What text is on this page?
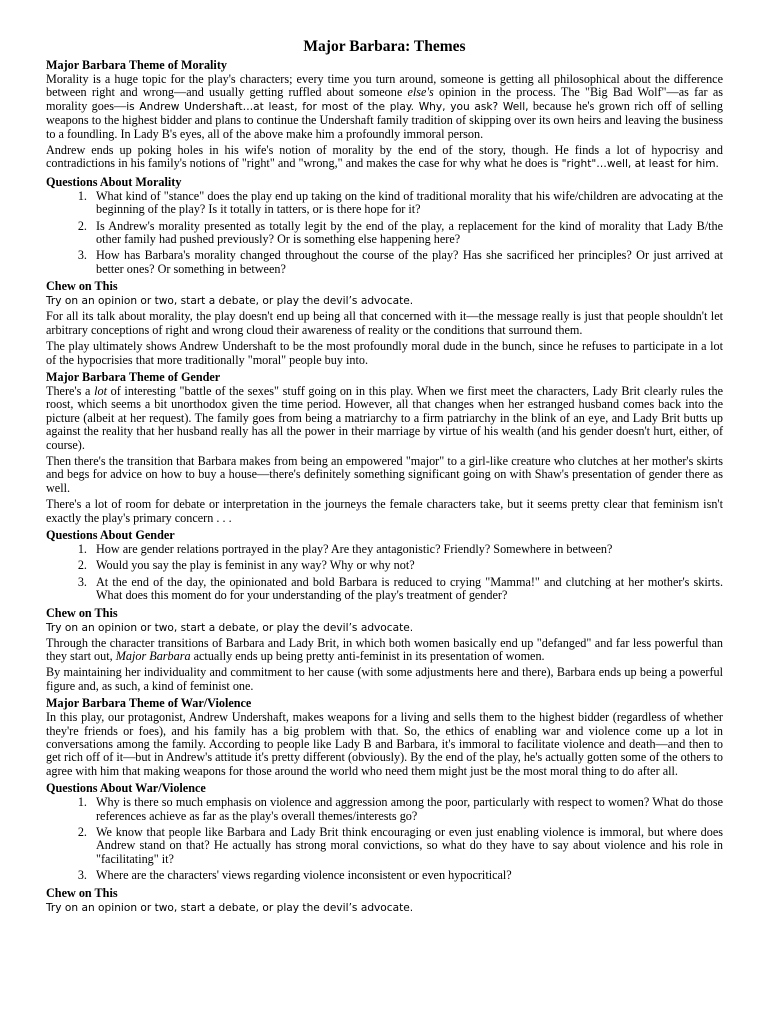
Major Barbara: Themes
Major Barbara Theme of Morality

Morality is a huge topic for the play's characters; every time you turn around, someone is getting all philosophical about the difference between right and wrong—and usually getting ruffled about someone else's opinion in the process. The "Big Bad Wolf"—as far as morality goes—is Andrew Undershaft…at least, for most of the play. Why, you ask? Well, because he's grown rich off of selling weapons to the highest bidder and plans to continue the Undershaft family tradition of skipping over its own heirs and leaving the business to a foundling. In Lady B's eyes, all of the above make him a profoundly immoral person.

Andrew ends up poking holes in his wife's notion of morality by the end of the story, though. He finds a lot of hypocrisy and contradictions in his family's notions of "right" and "wrong," and makes the case for why what he does is "right"…well, at least for him.

Questions About Morality
1. What kind of "stance" does the play end up taking on the kind of traditional morality that his wife/children are advocating at the beginning of the play? Is it totally in tatters, or is there hope for it?
2. Is Andrew's morality presented as totally legit by the end of the play, a replacement for the kind of morality that Lady B/the other family had pushed previously? Or is something else happening here?
3. How has Barbara's morality changed throughout the course of the play? Has she sacrificed her principles? Or just arrived at better ones? Or something in between?
Chew on This

Try on an opinion or two, start a debate, or play the devil’s advocate.

For all its talk about morality, the play doesn't end up being all that concerned with it—the message really is just that people shouldn't let arbitrary conceptions of right and wrong cloud their awareness of reality or the conditions that surround them.

The play ultimately shows Andrew Undershaft to be the most profoundly moral dude in the bunch, since he refuses to participate in a lot of the hypocrisies that more traditionally "moral" people buy into.

Major Barbara Theme of Gender

There's a lot of interesting "battle of the sexes" stuff going on in this play. When we first meet the characters, Lady Brit clearly rules the roost, which seems a bit unorthodox given the time period. However, all that changes when her estranged husband comes back into the picture (albeit at her request). The family goes from being a matriarchy to a firm patriarchy in the blink of an eye, and Lady Brit butts up against the reality that her husband really has all the power in their marriage by virtue of his wealth (and his gender doesn't hurt, either, of course).

Then there's the transition that Barbara makes from being an empowered "major" to a girl-like creature who clutches at her mother's skirts and begs for advice on how to buy a house—there's definitely something significant going on with Shaw's presentation of gender there as well.

There's a lot of room for debate or interpretation in the journeys the female characters take, but it seems pretty clear that feminism isn't exactly the play's primary concern . . .

Questions About Gender
1. How are gender relations portrayed in the play? Are they antagonistic? Friendly? Somewhere in between?
2. Would you say the play is feminist in any way? Why or why not?
3. At the end of the day, the opinionated and bold Barbara is reduced to crying "Mamma!" and clutching at her mother's skirts. What does this moment do for your understanding of the play's treatment of gender?
Chew on This

Try on an opinion or two, start a debate, or play the devil’s advocate.

Through the character transitions of Barbara and Lady Brit, in which both women basically end up "defanged" and far less powerful than they start out, Major Barbara actually ends up being pretty anti-feminist in its presentation of women.

By maintaining her individuality and commitment to her cause (with some adjustments here and there), Barbara ends up being a powerful figure and, as such, a kind of feminist one.

Major Barbara Theme of War/Violence

In this play, our protagonist, Andrew Undershaft, makes weapons for a living and sells them to the highest bidder (regardless of whether they're friends or foes), and his family has a big problem with that. So, the ethics of enabling war and violence come up a lot in conversations among the family. According to people like Lady B and Barbara, it's immoral to facilitate violence and death—and then to get rich off of it—but in Andrew's attitude it's pretty different (obviously). By the end of the play, he's actually gotten some of the others to agree with him that making weapons for those around the world who need them might just be the most moral thing to do after all.

Questions About War/Violence
1. Why is there so much emphasis on violence and aggression among the poor, particularly with respect to women? What do those references achieve as far as the play's overall themes/interests go?
2. We know that people like Barbara and Lady Brit think encouraging or even just enabling violence is immoral, but where does Andrew stand on that? He actually has strong moral convictions, so what do they have to say about violence and his role in "facilitating" it?
3. Where are the characters' views regarding violence inconsistent or even hypocritical?
Chew on This

Try on an opinion or two, start a debate, or play the devil’s advocate.
